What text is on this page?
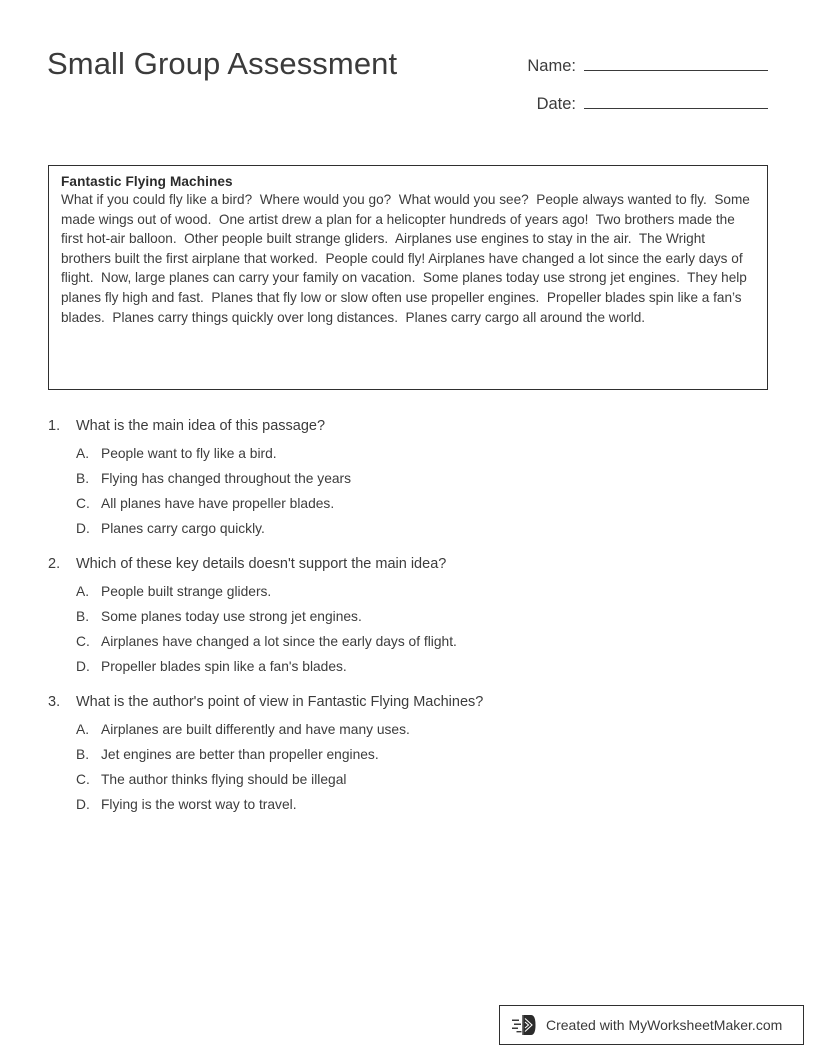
Small Group Assessment	Name:
Date:
Fantastic Flying Machines
What if you could fly like a bird?  Where would you go?  What would you see?  People always wanted to fly.  Some made wings out of wood.  One artist drew a plan for a helicopter hundreds of years ago!  Two brothers made the first hot-air balloon.  Other people built strange gliders.  Airplanes use engines to stay in the air.  The Wright brothers built the first airplane that worked.  People could fly! Airplanes have changed a lot since the early days of flight.  Now, large planes can carry your family on vacation.  Some planes today use strong jet engines.  They help planes fly high and fast.  Planes that fly low or slow often use propeller engines.  Propeller blades spin like a fan’s blades.  Planes carry things quickly over long distances.  Planes carry cargo all around the world.
1.	What is the main idea of this passage?
A. People want to fly like a bird.
B. Flying has changed throughout the years
C. All planes have have propeller blades.
D. Planes carry cargo quickly.
2.	Which of these key details doesn't support the main idea?
A. People built strange gliders.
B. Some planes today use strong jet engines.
C. Airplanes have changed a lot since the early days of flight.
D. Propeller blades spin like a fan's blades.
3.	What is the author's point of view in Fantastic Flying Machines?
A. Airplanes are built differently and have many uses.
B. Jet engines are better than propeller engines.
C. The author thinks flying should be illegal
D. Flying is the worst way to travel.
Created with MyWorksheetMaker.com
